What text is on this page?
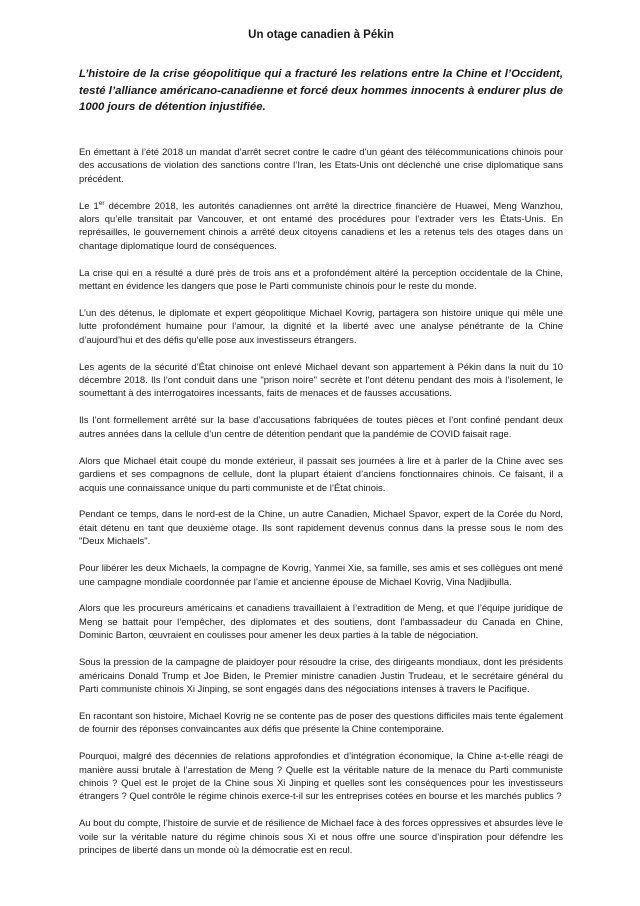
Un otage canadien à Pékin
L’histoire de la crise géopolitique qui a fracturé les relations entre la Chine et l’Occident, testé l’alliance américano-canadienne et forcé deux hommes innocents à endurer plus de 1000 jours de détention injustifiée.

En émettant à l’été 2018 un mandat d’arrêt secret contre le cadre d’un géant des télécommunications chinois pour des accusations de violation des sanctions contre l’Iran, les Etats-Unis ont déclenché une crise diplomatique sans précédent.

Le 1er décembre 2018, les autorités canadiennes ont arrêté la directrice financière de Huawei, Meng Wanzhou, alors qu’elle transitait par Vancouver, et ont entamé des procédures pour l’extrader vers les États-Unis. En représailles, le gouvernement chinois a arrêté deux citoyens canadiens et les a retenus tels des otages dans un chantage diplomatique lourd de conséquences.

La crise qui en a résulté a duré près de trois ans et a profondément altéré la perception occidentale de la Chine, mettant en évidence les dangers que pose le Parti communiste chinois pour le reste du monde.

L’un des détenus, le diplomate et expert géopolitique Michael Kovrig, partagera son histoire unique qui mêle une lutte profondément humaine pour l’amour, la dignité et la liberté avec une analyse pénétrante de la Chine d’aujourd’hui et des défis qu’elle pose aux investisseurs étrangers.

Les agents de la sécurité d’État chinoise ont enlevé Michael devant son appartement à Pékin dans la nuit du 10 décembre 2018. Ils l’ont conduit dans une "prison noire" secrète et l’ont détenu pendant des mois à l’isolement, le soumettant à des interrogatoires incessants, faits de menaces et de fausses accusations.

Ils l’ont formellement arrêté sur la base d’accusations fabriquées de toutes pièces et l’ont confiné pendant deux autres années dans la cellule d’un centre de détention pendant que la pandémie de COVID faisait rage.

Alors que Michael était coupé du monde extérieur, il passait ses journées à lire et à parler de la Chine avec ses gardiens et ses compagnons de cellule, dont la plupart étaient d’anciens fonctionnaires chinois. Ce faisant, il a acquis une connaissance unique du parti communiste et de l’État chinois.

Pendant ce temps, dans le nord-est de la Chine, un autre Canadien, Michael Spavor, expert de la Corée du Nord, était détenu en tant que deuxième otage. Ils sont rapidement devenus connus dans la presse sous le nom des "Deux Michaels".

Pour libérer les deux Michaels, la compagne de Kovrig, Yanmei Xie, sa famille, ses amis et ses collègues ont mené une campagne mondiale coordonnée par l’amie et ancienne épouse de Michael Kovrig, Vina Nadjibulla.

Alors que les procureurs américains et canadiens travaillaient à l’extradition de Meng, et que l’équipe juridique de Meng se battait pour l’empêcher, des diplomates et des soutiens, dont l’ambassadeur du Canada en Chine, Dominic Barton, œuvraient en coulisses pour amener les deux parties à la table de négociation.

Sous la pression de la campagne de plaidoyer pour résoudre la crise, des dirigeants mondiaux, dont les présidents américains Donald Trump et Joe Biden, le Premier ministre canadien Justin Trudeau, et le secrétaire général du Parti communiste chinois Xi Jinping, se sont engagés dans des négociations intenses à travers le Pacifique.

En racontant son histoire, Michael Kovrig ne se contente pas de poser des questions difficiles mais tente également de fournir des réponses convaincantes aux défis que présente la Chine contemporaine.

Pourquoi, malgré des décennies de relations approfondies et d’intégration économique, la Chine a-t-elle réagi de manière aussi brutale à l’arrestation de Meng ? Quelle est la véritable nature de la menace du Parti communiste chinois ? Quel est le projet de la Chine sous Xi Jinping et quelles sont les conséquences pour les investisseurs étrangers ? Quel contrôle le régime chinois exerce-t-il sur les entreprises cotées en bourse et les marchés publics ?

Au bout du compte, l’histoire de survie et de résilience de Michael face à des forces oppressives et absurdes lève le voile sur la véritable nature du régime chinois sous Xi et nous offre une source d’inspiration pour défendre les principes de liberté dans un monde où la démocratie est en recul.
